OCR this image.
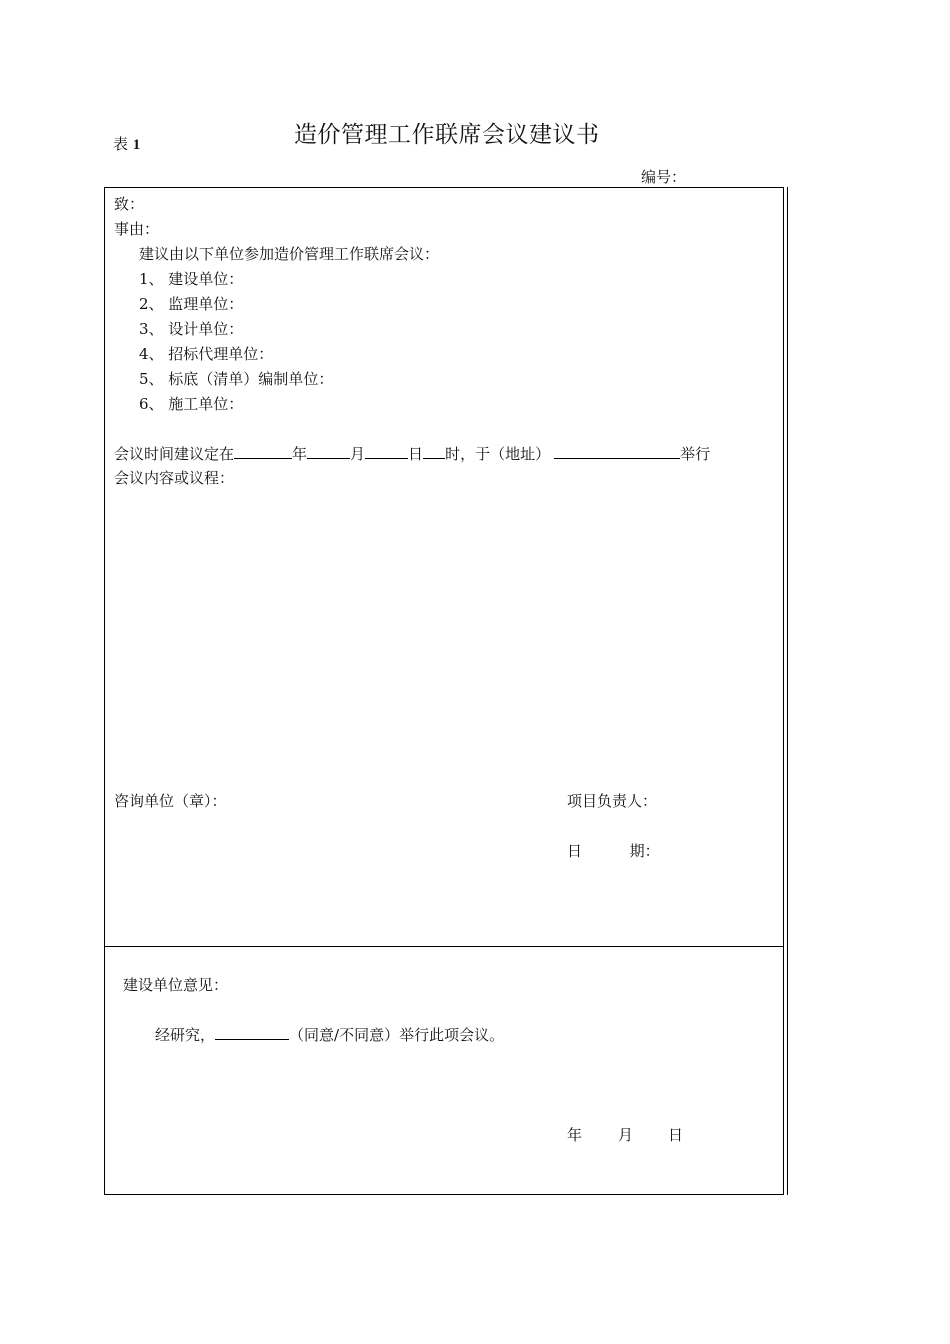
表 1	造价管理工作联席会议建议书
编号：
致：
事由：
建议由以下单位参加造价管理工作联席会议：
1、 建设单位：
2、 监理单位：
3、 设计单位：
4、 招标代理单位：
5、 标底（清单）编制单位：
6、 施工单位：
会议时间建议定在	年	月	日 时，于（地址）	举行
会议内容或议程：
咨询单位（章）：	项目负责人：
日          期：
建设单位意见：
经研究，	（同意/不同意）举行此项会议。
年 月 日
